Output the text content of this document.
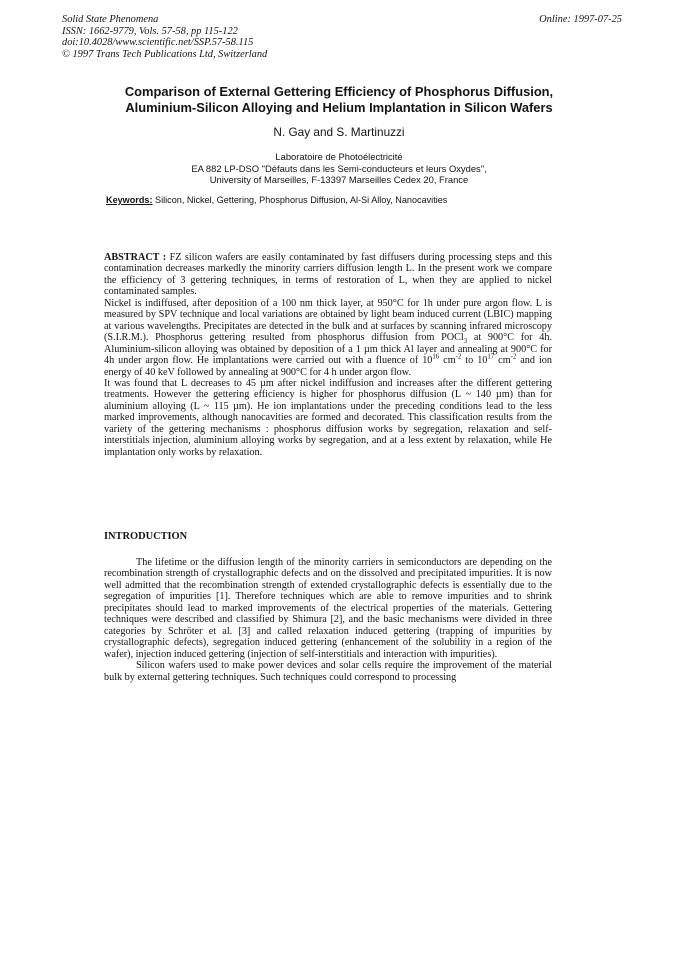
Solid State Phenomena
ISSN: 1662-9779, Vols. 57-58, pp 115-122
doi:10.4028/www.scientific.net/SSP.57-58.115
© 1997 Trans Tech Publications Ltd, Switzerland
Online: 1997-07-25
Comparison of External Gettering Efficiency of Phosphorus Diffusion,
Aluminium-Silicon Alloying and Helium Implantation in Silicon Wafers
N. Gay and S. Martinuzzi
Laboratoire de Photoélectricité
EA 882 LP-DSO "Défauts dans les Semi-conducteurs et leurs Oxydes",
University of Marseilles, F-13397 Marseilles Cedex 20, France
Keywords: Silicon, Nickel, Gettering, Phosphorus Diffusion, Al-Si Alloy, Nanocavities

ABSTRACT : FZ silicon wafers are easily contaminated by fast diffusers during processing steps and this contamination decreases markedly the minority carriers diffusion length L. In the present work we compare the efficiency of 3 gettering techniques, in terms of restoration of L, when they are applied to nickel contaminated samples.

Nickel is indiffused, after deposition of a 100 nm thick layer, at 950°C for 1h under pure argon flow. L is measured by SPV technique and local variations are obtained by light beam induced current (LBIC) mapping at various wavelengths. Precipitates are detected in the bulk and at surfaces by scanning infrared microscopy (S.I.R.M.). Phosphorus gettering resulted from phosphorus diffusion from POCl$_3$ at 900°C for 4h. Aluminium-silicon alloying was obtained by deposition of a 1 µm thick Al layer and annealing at 900°C for 4h under argon flow. He implantations were carried out with a fluence of $10^{16}$ $cm^{-2}$ to $10^{17}$ $cm^{-2}$ and ion energy of 40 keV followed by annealing at 900°C for 4 h under argon flow.

It was found that L decreases to 45 µm after nickel indiffusion and increases after the different gettering treatments. However the gettering efficiency is higher for phosphorus diffusion (L ~ 140 µm) than for aluminium alloying (L ~ 115 µm). He ion implantations under the preceding conditions lead to the less marked improvements, although nanocavities are formed and decorated. This classification results from the variety of the gettering mechanisms : phosphorus diffusion works by segregation, relaxation and self-interstitials injection, aluminium alloying works by segregation, and at a less extent by relaxation, while He implantation only works by relaxation.

INTRODUCTION

The lifetime or the diffusion length of the minority carriers in semiconductors are depending on the recombination strength of crystallographic defects and on the dissolved and precipitated impurities. It is now well admitted that the recombination strength of extended crystallographic defects is essentially due to the segregation of impurities [1]. Therefore techniques which are able to remove impurities and to shrink precipitates should lead to marked improvements of the electrical properties of the materials. Gettering techniques were described and classified by Shimura [2], and the basic mechanisms were divided in three categories by Schröter et al. [3] and called relaxation induced gettering (trapping of impurities by crystallographic defects), segregation induced gettering (enhancement of the solubility in a region of the wafer), injection induced gettering (injection of self-interstitials and interaction with impurities).

Silicon wafers used to make power devices and solar cells require the improvement of the material bulk by external gettering techniques. Such techniques could correspond to processing
